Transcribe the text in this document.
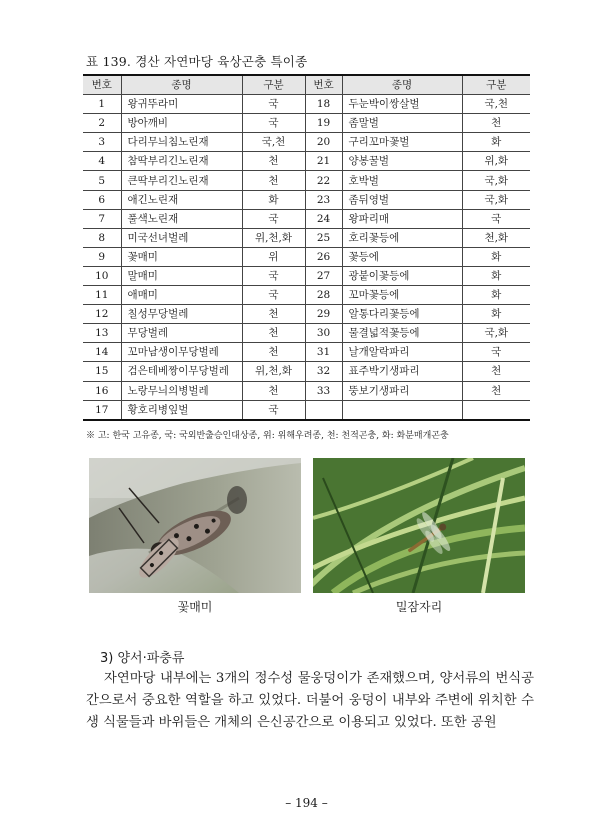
표 139. 경산 자연마당 육상곤충 특이종
번호	종명	구분	번호	종명	구분
1	왕귀뚜라미	국	18	두눈박이쌍살벌	국,천
2	방아깨비	국	19	좀말벌	천
3	다리무늬침노린재	국,천	20	구리꼬마꽃벌	화
4	참딱부리긴노린재	천	21	양봉꿀벌	위,화
5	큰딱부리긴노린재	천	22	호박벌	국,화
6	애긴노린재	화	23	좀뒤영벌	국,화
7	풀색노린재	국	24	왕파리매	국
8	미국선녀벌레	위,천,화	25	호리꽃등에	천,화
9	꽃매미	위	26	꽃등에	화
10	말매미	국	27	광붙이꽃등에	화
11	애매미	국	28	꼬마꽃등에	화
12	칠성무당벌레	천	29	알통다리꽃등에	화
13	무당벌레	천	30	물결넓적꽃등에	국,화
14	꼬마남생이무당벌레	천	31	날개알락파리	국
15	검은테베짱이무당벌레	위,천,화	32	표주박기생파리	천
16	노랑무늬의병벌레	천	33	뚱보기생파리	천
17	황호리병잎벌	국			
※ 고: 한국 고유종, 국: 국외반출승인대상종, 위: 위해우려종, 천: 천적곤충, 화: 화분매개곤충
꽃매미	밀잠자리
3) 양서·파충류

자연마당 내부에는 3개의 정수성 물웅덩이가 존재했으며, 양서류의 번식공간으로서 중요한 역할을 하고 있었다. 더불어 웅덩이 내부와 주변에 위치한 수생 식물들과 바위들은 개체의 은신공간으로 이용되고 있었다. 또한 공원

– 194 –
